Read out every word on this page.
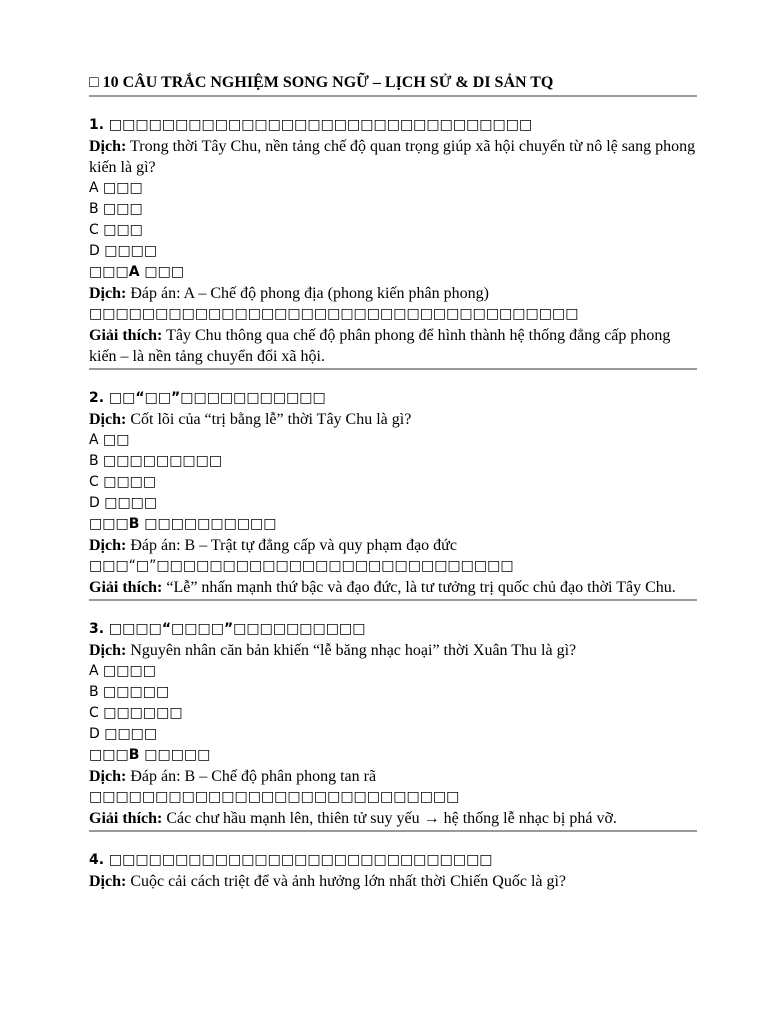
□ 10 CÂU TRẮC NGHIỆM SONG NGỮ – LỊCH SỬ & DI SẢN TQ
1. □□□□□□□□□□□□□□□□□□□□□□□□□□□□□□□□
Dịch: Trong thời Tây Chu, nền tảng chế độ quan trọng giúp xã hội chuyển từ nô lệ sang phong kiến là gì?
A □□□
B □□□
C □□□
D □□□□
□□□A □□□
Dịch: Đáp án: A – Chế độ phong địa (phong kiến phân phong)
□□□□□□□□□□□□□□□□□□□□□□□□□□□□□□□□□□□□□
Giải thích: Tây Chu thông qua chế độ phân phong để hình thành hệ thống đẳng cấp phong kiến – là nền tảng chuyển đổi xã hội.
2. □□“□□”□□□□□□□□□□□
Dịch: Cốt lõi của “trị bằng lễ” thời Tây Chu là gì?
A □□
B □□□□□□□□□
C □□□□
D □□□□
□□□B □□□□□□□□□□
Dịch: Đáp án: B – Trật tự đẳng cấp và quy phạm đạo đức
□□□“□”□□□□□□□□□□□□□□□□□□□□□□□□□□□
Giải thích: “Lễ” nhấn mạnh thứ bậc và đạo đức, là tư tưởng trị quốc chủ đạo thời Tây Chu.
3. □□□□“□□□□”□□□□□□□□□□
Dịch: Nguyên nhân căn bản khiến “lễ băng nhạc hoại” thời Xuân Thu là gì?
A □□□□
B □□□□□
C □□□□□□
D □□□□
□□□B □□□□□
Dịch: Đáp án: B – Chế độ phân phong tan rã
□□□□□□□□□□□□□□□□□□□□□□□□□□□□
Giải thích: Các chư hầu mạnh lên, thiên tử suy yếu → hệ thống lễ nhạc bị phá vỡ.
4. □□□□□□□□□□□□□□□□□□□□□□□□□□□□□
Dịch: Cuộc cải cách triệt để và ảnh hưởng lớn nhất thời Chiến Quốc là gì?
